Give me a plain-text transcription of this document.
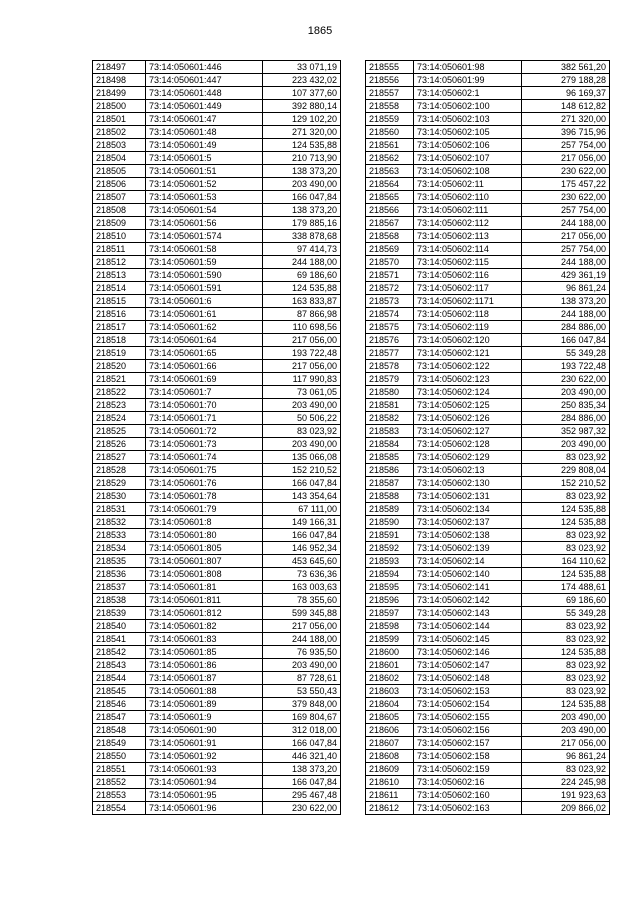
1865
218497	73:14:050601:446	33 071,19
218498	73:14:050601:447	223 432,02
218499	73:14:050601:448	107 377,60
218500	73:14:050601:449	392 880,14
218501	73:14:050601:47	129 102,20
218502	73:14:050601:48	271 320,00
218503	73:14:050601:49	124 535,88
218504	73:14:050601:5	210 713,90
218505	73:14:050601:51	138 373,20
218506	73:14:050601:52	203 490,00
218507	73:14:050601:53	166 047,84
218508	73:14:050601:54	138 373,20
218509	73:14:050601:56	179 885,16
218510	73:14:050601:574	338 878,68
218511	73:14:050601:58	97 414,73
218512	73:14:050601:59	244 188,00
218513	73:14:050601:590	69 186,60
218514	73:14:050601:591	124 535,88
218515	73:14:050601:6	163 833,87
218516	73:14:050601:61	87 866,98
218517	73:14:050601:62	110 698,56
218518	73:14:050601:64	217 056,00
218519	73:14:050601:65	193 722,48
218520	73:14:050601:66	217 056,00
218521	73:14:050601:69	117 990,83
218522	73:14:050601:7	73 061,05
218523	73:14:050601:70	203 490,00
218524	73:14:050601:71	50 506,22
218525	73:14:050601:72	83 023,92
218526	73:14:050601:73	203 490,00
218527	73:14:050601:74	135 066,08
218528	73:14:050601:75	152 210,52
218529	73:14:050601:76	166 047,84
218530	73:14:050601:78	143 354,64
218531	73:14:050601:79	67 111,00
218532	73:14:050601:8	149 166,31
218533	73:14:050601:80	166 047,84
218534	73:14:050601:805	146 952,34
218535	73:14:050601:807	453 645,60
218536	73:14:050601:808	73 636,36
218537	73:14:050601:81	163 003,63
218538	73:14:050601:811	78 355,60
218539	73:14:050601:812	599 345,88
218540	73:14:050601:82	217 056,00
218541	73:14:050601:83	244 188,00
218542	73:14:050601:85	76 935,50
218543	73:14:050601:86	203 490,00
218544	73:14:050601:87	87 728,61
218545	73:14:050601:88	53 550,43
218546	73:14:050601:89	379 848,00
218547	73:14:050601:9	169 804,67
218548	73:14:050601:90	312 018,00
218549	73:14:050601:91	166 047,84
218550	73:14:050601:92	446 321,40
218551	73:14:050601:93	138 373,20
218552	73:14:050601:94	166 047,84
218553	73:14:050601:95	295 467,48
218554	73:14:050601:96	230 622,00
218555	73:14:050601:98	382 561,20
218556	73:14:050601:99	279 188,28
218557	73:14:050602:1	96 169,37
218558	73:14:050602:100	148 612,82
218559	73:14:050602:103	271 320,00
218560	73:14:050602:105	396 715,96
218561	73:14:050602:106	257 754,00
218562	73:14:050602:107	217 056,00
218563	73:14:050602:108	230 622,00
218564	73:14:050602:11	175 457,22
218565	73:14:050602:110	230 622,00
218566	73:14:050602:111	257 754,00
218567	73:14:050602:112	244 188,00
218568	73:14:050602:113	217 056,00
218569	73:14:050602:114	257 754,00
218570	73:14:050602:115	244 188,00
218571	73:14:050602:116	429 361,19
218572	73:14:050602:117	96 861,24
218573	73:14:050602:1171	138 373,20
218574	73:14:050602:118	244 188,00
218575	73:14:050602:119	284 886,00
218576	73:14:050602:120	166 047,84
218577	73:14:050602:121	55 349,28
218578	73:14:050602:122	193 722,48
218579	73:14:050602:123	230 622,00
218580	73:14:050602:124	203 490,00
218581	73:14:050602:125	250 835,34
218582	73:14:050602:126	284 886,00
218583	73:14:050602:127	352 987,32
218584	73:14:050602:128	203 490,00
218585	73:14:050602:129	83 023,92
218586	73:14:050602:13	229 808,04
218587	73:14:050602:130	152 210,52
218588	73:14:050602:131	83 023,92
218589	73:14:050602:134	124 535,88
218590	73:14:050602:137	124 535,88
218591	73:14:050602:138	83 023,92
218592	73:14:050602:139	83 023,92
218593	73:14:050602:14	164 110,62
218594	73:14:050602:140	124 535,88
218595	73:14:050602:141	174 488,61
218596	73:14:050602:142	69 186,60
218597	73:14:050602:143	55 349,28
218598	73:14:050602:144	83 023,92
218599	73:14:050602:145	83 023,92
218600	73:14:050602:146	124 535,88
218601	73:14:050602:147	83 023,92
218602	73:14:050602:148	83 023,92
218603	73:14:050602:153	83 023,92
218604	73:14:050602:154	124 535,88
218605	73:14:050602:155	203 490,00
218606	73:14:050602:156	203 490,00
218607	73:14:050602:157	217 056,00
218608	73:14:050602:158	96 861,24
218609	73:14:050602:159	83 023,92
218610	73:14:050602:16	224 245,98
218611	73:14:050602:160	191 923,63
218612	73:14:050602:163	209 866,02
